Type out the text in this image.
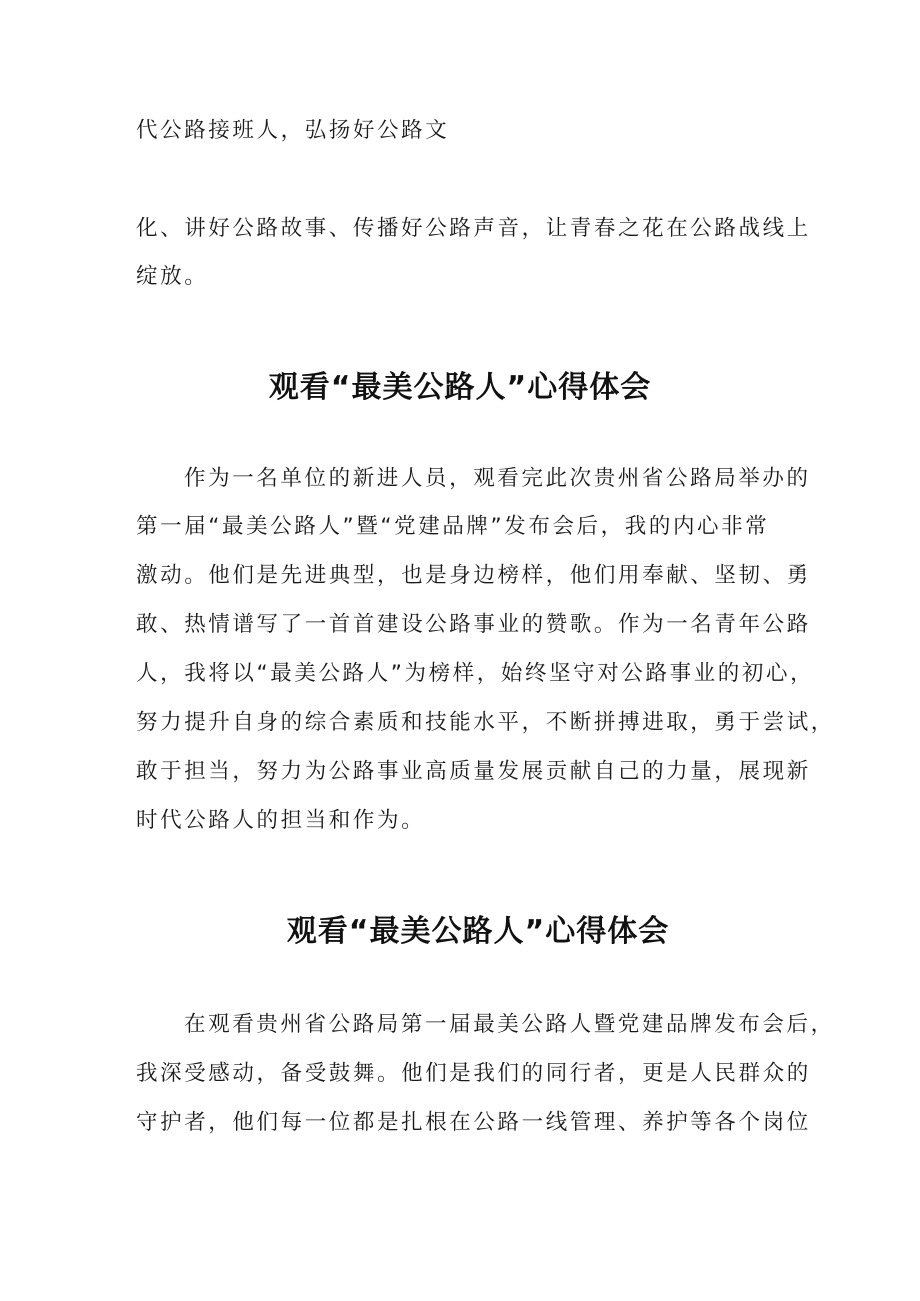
代公路接班人，弘扬好公路文
化、讲好公路故事、传播好公路声音，让青春之花在公路战线上
绽放。
观看“最美公路人”心得体会
作为一名单位的新进人员，观看完此次贵州省公路局举办的
第一届“最美公路人”暨“党建品牌”发布会后，我的内心非常
激动。他们是先进典型，也是身边榜样，他们用奉献、坚韧、勇
敢、热情谱写了一首首建设公路事业的赞歌。作为一名青年公路
人，我将以“最美公路人”为榜样，始终坚守对公路事业的初心，
努力提升自身的综合素质和技能水平，不断拼搏进取，勇于尝试，
敢于担当，努力为公路事业高质量发展贡献自己的力量，展现新
时代公路人的担当和作为。
观看“最美公路人”心得体会
在观看贵州省公路局第一届最美公路人暨党建品牌发布会后，
我深受感动，备受鼓舞。他们是我们的同行者，更是人民群众的
守护者，他们每一位都是扎根在公路一线管理、养护等各个岗位
